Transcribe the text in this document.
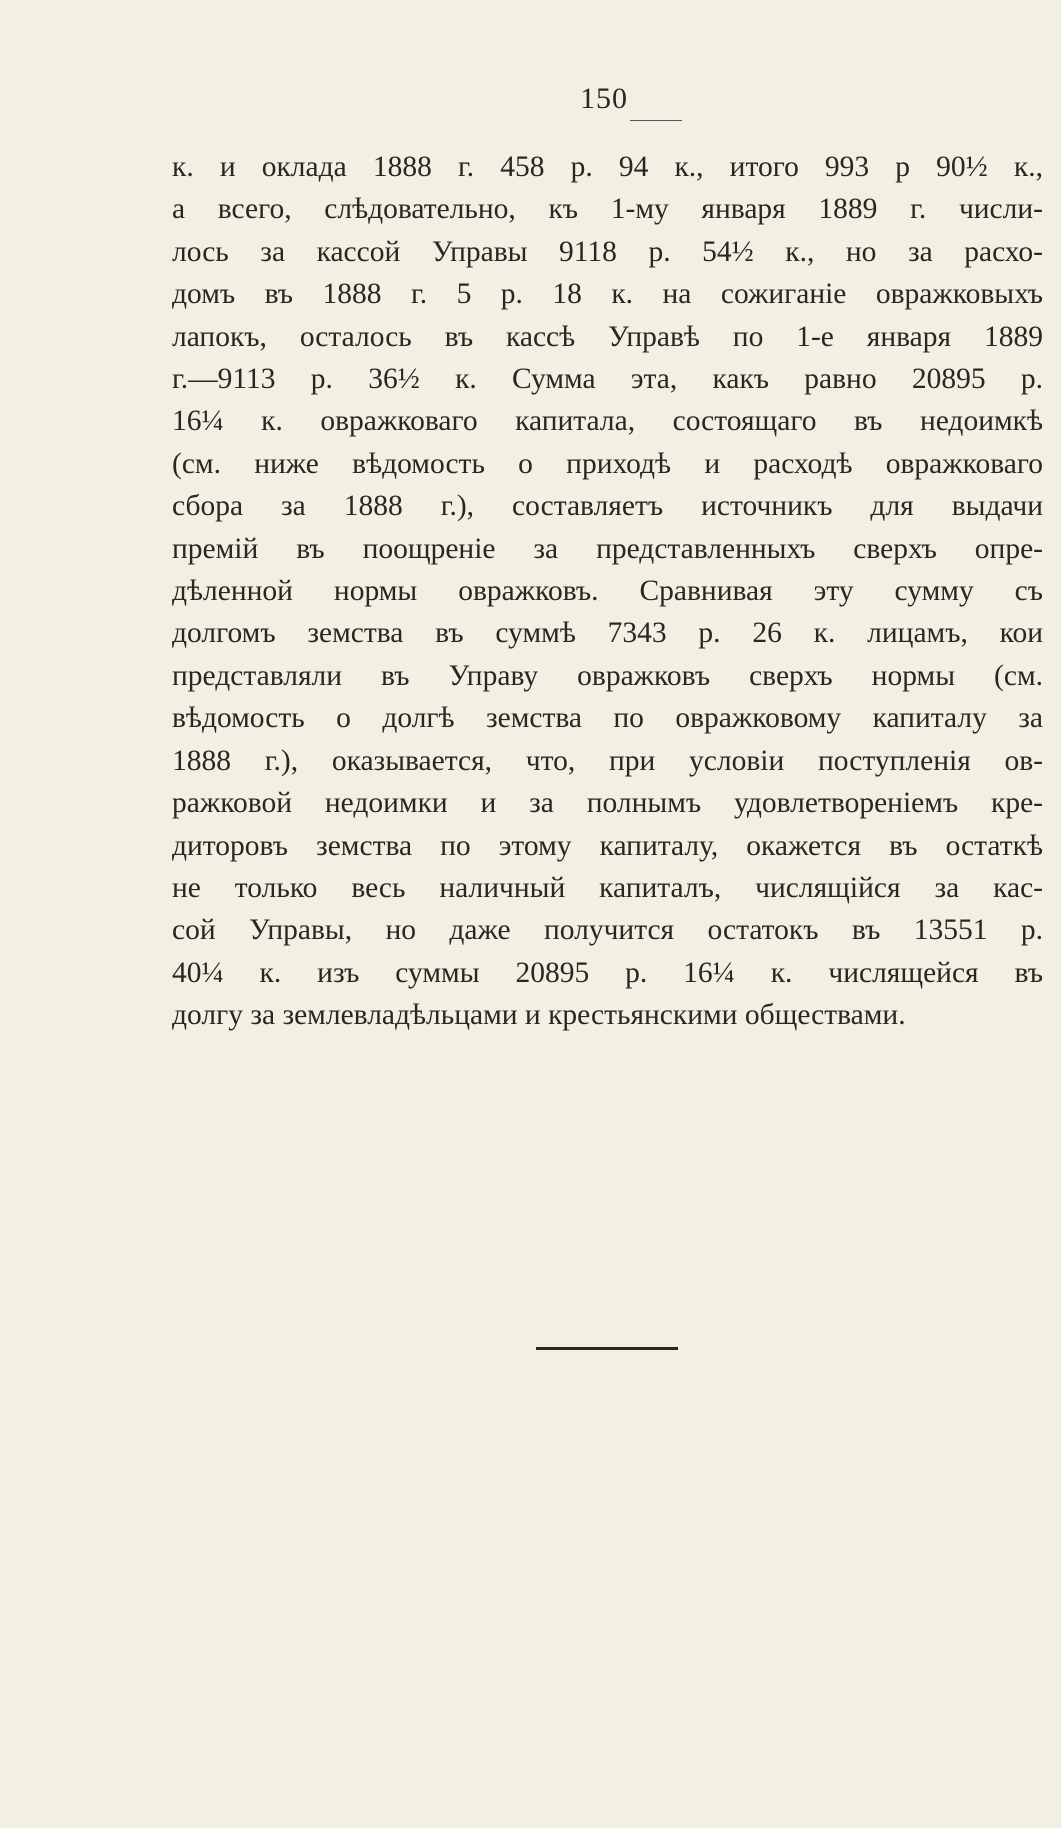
150
к. и оклада 1888 г. 458 р. 94 к., итого 993 р 90½ к.,
а всего, слѣдовательно, къ 1-му января 1889 г. числи-
лось за кассой Управы 9118 р. 54½ к., но за расхо-
домъ въ 1888 г. 5 р. 18 к. на сожиганіе овражковыхъ
лапокъ, осталось въ кассѣ Управѣ по 1-е января 1889
г.—9113 р. 36½ к. Сумма эта, какъ равно 20895 р.
16¼ к. овражковаго капитала, состоящаго въ недоимкѣ
(см. ниже вѣдомость о приходѣ и расходѣ овражковаго
сбора за 1888 г.), составляетъ источникъ для выдачи
премій въ поощреніе за представленныхъ сверхъ опре-
дѣленной нормы овражковъ. Сравнивая эту сумму съ
долгомъ земства въ суммѣ 7343 р. 26 к. лицамъ, кои
представляли въ Управу овражковъ сверхъ нормы (см.
вѣдомость о долгѣ земства по овражковому капиталу за
1888 г.), оказывается, что, при условіи поступленія ов-
ражковой недоимки и за полнымъ удовлетвореніемъ кре-
диторовъ земства по этому капиталу, окажется въ остаткѣ
не только весь наличный капиталъ, числящійся за кас-
сой Управы, но даже получится остатокъ въ 13551 р.
40¼ к. изъ суммы 20895 р. 16¼ к. числящейся въ
долгу за землевладѣльцами и крестьянскими обществами.
